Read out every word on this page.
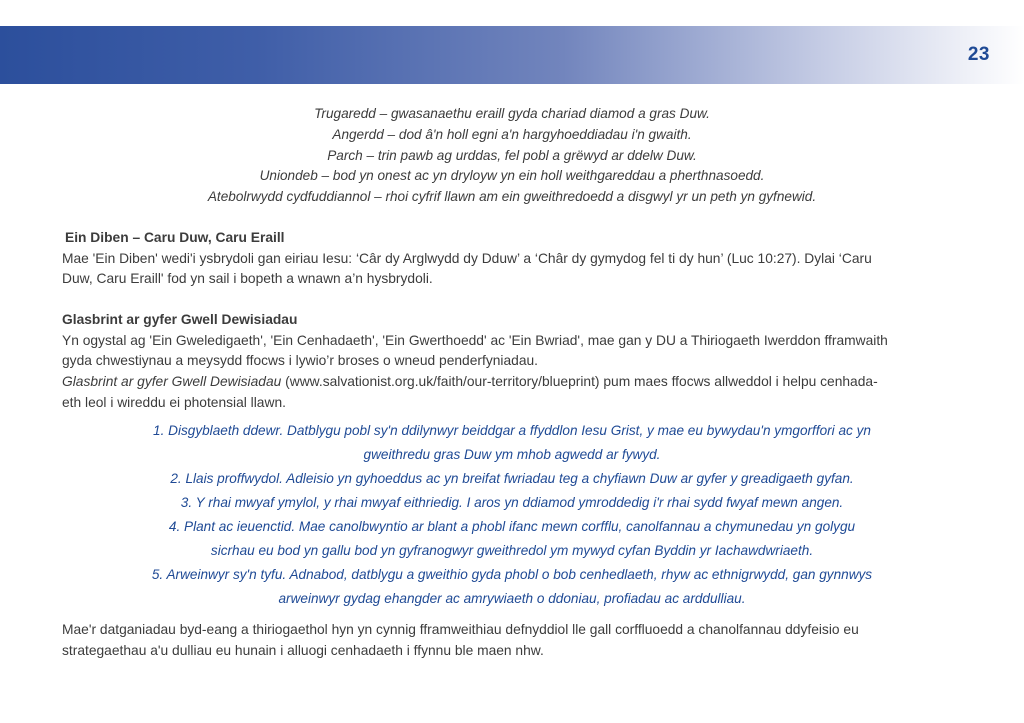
23
Trugaredd – gwasanaethu eraill gyda chariad diamod a gras Duw.
Angerdd – dod â'n holl egni a'n hargyhoeddiadau i'n gwaith.
Parch – trin pawb ag urddas, fel pobl a grëwyd ar ddelw Duw.
Uniondeb – bod yn onest ac yn dryloyw yn ein holl weithgareddau a pherthnasoedd.
Atebolrwydd cydfuddiannol – rhoi cyfrif llawn am ein gweithredoedd a disgwyl yr un peth yn gyfnewid.
Ein Diben – Caru Duw, Caru Eraill
Mae 'Ein Diben' wedi'i ysbrydoli gan eiriau Iesu: ‘Câr dy Arglwydd dy Dduw’ a ‘Châr dy gymydog fel ti dy hun’ (Luc 10:27). Dylai ‘Caru
Duw, Caru Eraill' fod yn sail i bopeth a wnawn a’n hysbrydoli.
Glasbrint ar gyfer Gwell Dewisiadau
Yn ogystal ag 'Ein Gweledigaeth', 'Ein Cenhadaeth', 'Ein Gwerthoedd' ac 'Ein Bwriad', mae gan y DU a Thiriogaeth Iwerddon fframwaith
gyda chwestiynau a meysydd ffocws i lywio’r broses o wneud penderfyniadau.
Glasbrint ar gyfer Gwell Dewisiadau (www.salvationist.org.uk/faith/our-territory/blueprint) pum maes ffocws allweddol i helpu cenhada-
eth leol i wireddu ei photensial llawn.
1. Disgyblaeth ddewr. Datblygu pobl sy'n ddilynwyr beiddgar a ffyddlon Iesu Grist, y mae eu bywydau'n ymgorffori ac yn
gweithredu gras Duw ym mhob agwedd ar fywyd.
2. Llais proffwydol. Adleisio yn gyhoeddus ac yn breifat fwriadau teg a chyfiawn Duw ar gyfer y greadigaeth gyfan.
3. Y rhai mwyaf ymylol, y rhai mwyaf eithriedig. I aros yn ddiamod ymroddedig i'r rhai sydd fwyaf mewn angen.
4. Plant ac ieuenctid. Mae canolbwyntio ar blant a phobl ifanc mewn corfflu, canolfannau a chymunedau yn golygu
sicrhau eu bod yn gallu bod yn gyfranogwyr gweithredol ym mywyd cyfan Byddin yr Iachawdwriaeth.
5. Arweinwyr sy'n tyfu. Adnabod, datblygu a gweithio gyda phobl o bob cenhedlaeth, rhyw ac ethnigrwydd, gan gynnwys
arweinwyr gydag ehangder ac amrywiaeth o ddoniau, profiadau ac arddulliau.
Mae'r datganiadau byd-eang a thiriogaethol hyn yn cynnig fframweithiau defnyddiol lle gall corffluoedd a chanolfannau ddyfeisio eu
strategaethau a'u dulliau eu hunain i alluogi cenhadaeth i ffynnu ble maen nhw.
